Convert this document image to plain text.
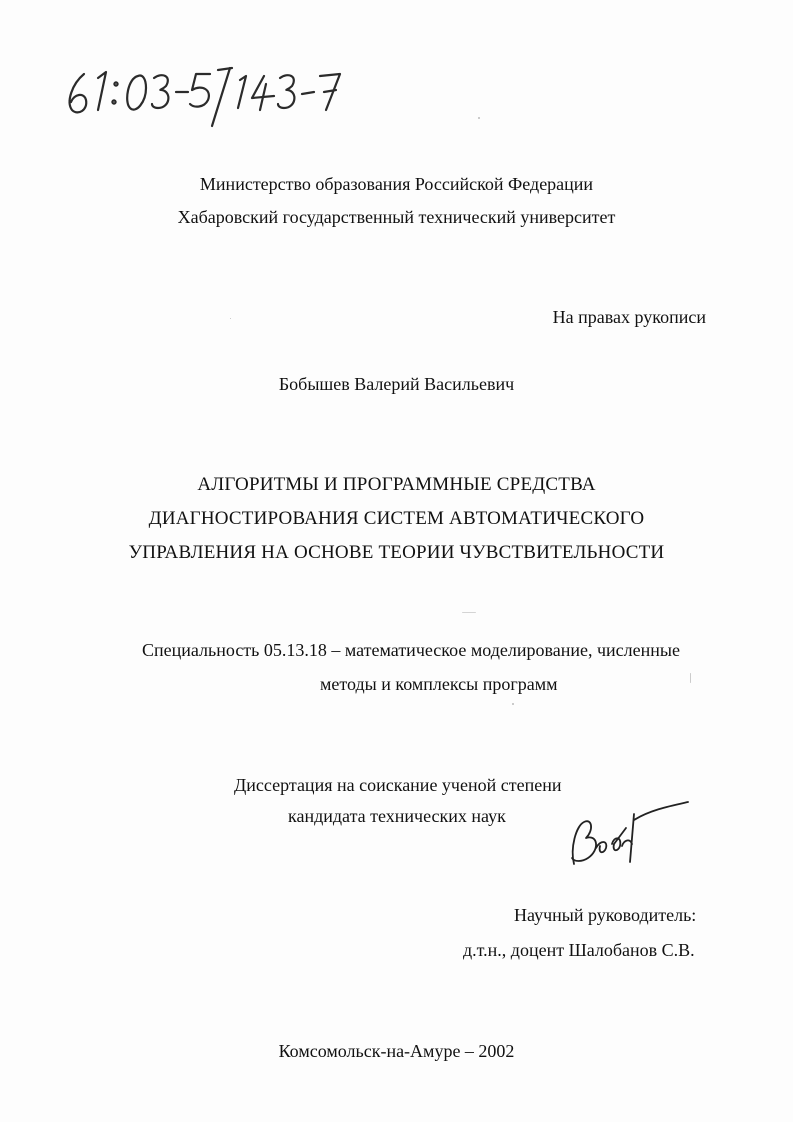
Министерство образования Российской Федерации
Хабаровский государственный технический университет
На правах рукописи
Бобышев Валерий Васильевич
АЛГОРИТМЫ И ПРОГРАММНЫЕ СРЕДСТВА
ДИАГНОСТИРОВАНИЯ СИСТЕМ АВТОМАТИЧЕСКОГО
УПРАВЛЕНИЯ НА ОСНОВЕ ТЕОРИИ ЧУВСТВИТЕЛЬНОСТИ
Специальность 05.13.18 – математическое моделирование, численные
методы и комплексы программ
Диссертация на соискание ученой степени
кандидата технических наук
Научный руководитель:
д.т.н., доцент Шалобанов С.В.
Комсомольск-на-Амуре – 2002
